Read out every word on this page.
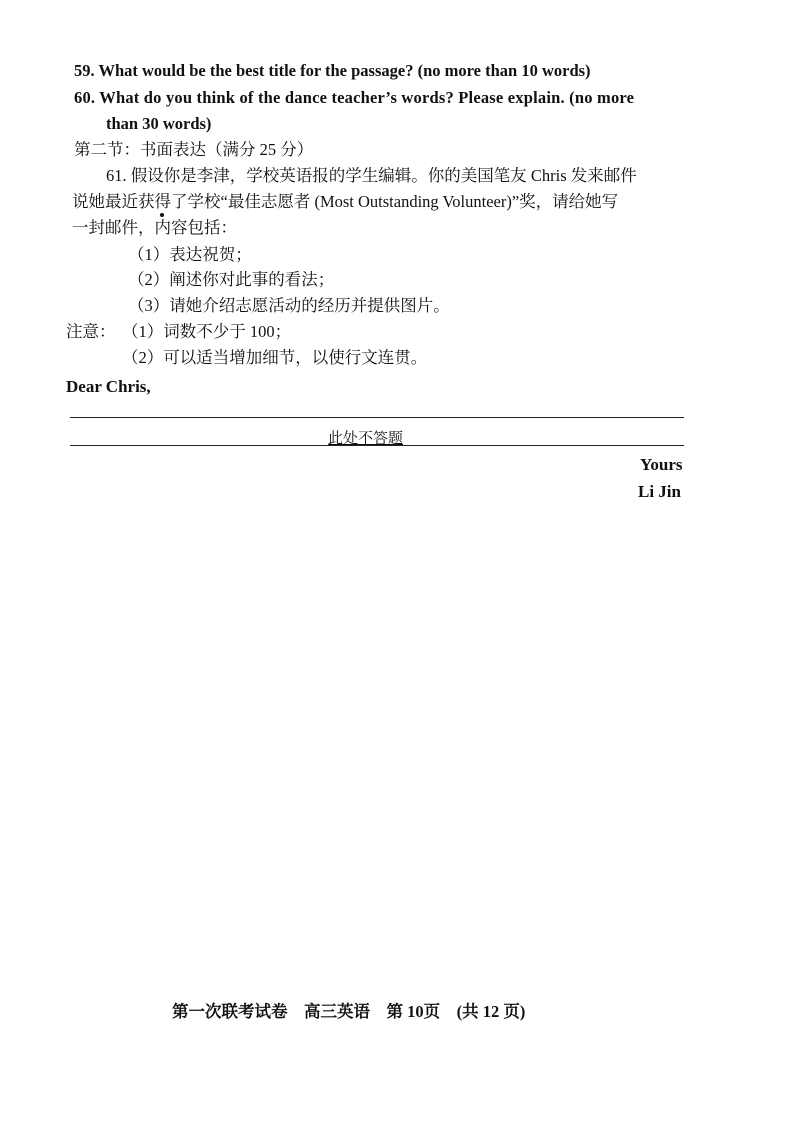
59. What would be the best title for the passage? (no more than 10 words)
60. What do you think of the dance teacher’s words? Please explain. (no more
than 30 words)
第二节：书面表达（满分 25 分）
61. 假设你是李津，学校英语报的学生编辑。你的美国笔友 Chris 发来邮件
说她最近获得了学校“最佳志愿者 (Most Outstanding Volunteer)”奖，请给她写
一封邮件，内容包括：
（1）表达祝贺；
（2）阐述你对此事的看法；
（3）请她介绍志愿活动的经历并提供图片。
注意： （1）词数不少于 100；
（2）可以适当增加细节，以使行文连贯。
Dear Chris,
此处不答题
Yours
Li Jin
第一次联考试卷　高三英语　第 10页　(共 12 页)
